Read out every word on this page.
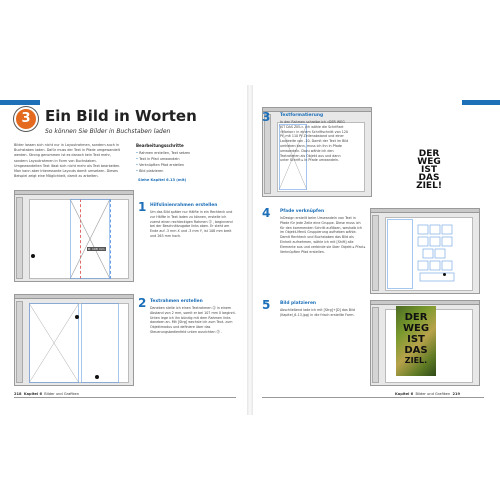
3 Ein Bild in Worten
So können Sie Bilder in Buchstaben laden
Bilder lassen sich nicht nur in Layoutrahmen, sondern auch in Buchstaben laden. Dafür muss der Text in Pfade umgewandelt werden. Strong genommen ist es danach kein Text mehr, sondern Layoutrahmen in Form von Buchstaben. Umgewandelten Text lässt sich nicht mehr als Text bearbeiten. Man kann aber interessante Layouts damit umsetzen. Dieses Beispiel zeigt eine Möglichkeit, damit zu arbeiten.
Bearbeitungsschritte
• Rahmen erstellen, Text setzen
• Text in Pfad umwandeln
• Verknüpften Pfad erstellen
• Bild platzieren
Siehe Kapitel 6.13 (mit)
B: 108 mm
1 Hilfslinienrahmen erstellen
Um das Bild später nur Hälfte in ein Rechteck und zur Hälfte in Text laden zu können, erstelle ich zuerst einen rechteckigen Rahmen ⓵ , beginnend bei der Beschnittzugabe links oben. Er steht am Ende auf -3 mm X und -3 mm Y, ist 108 mm breit und 263 mm hoch.
2 Textrahmen erstellen
Daneben stelle ich einen Textrahmen ⓶ in einem Abstand von 2 mm, somit er bei 107 mm X beginnt. Unten lege ich ihn bündig mit dem Rahmen links daneben an. Mit [Strg] wechsle ich zum Text- zum Objektmodus und definiere über das Steuerungsbedienfeld unten ausrichten ⓷ .
218 Kapitel 6 Bilder und Grafiken
DER
WEG
IST
DAS
ZIEL!
3	Textformatierung
In den Rahmen schreibe ich »DER WEG IST DAS ZIEL«. Ich wähle die Schriftart »Marion« in einem Schriftschnitt von 120 Pt, mit 110 Pt Zeilenabstand und einer Laufweite von -10. Damit der Text im Bild umheben kann, muss ich ihn in Pfade umwandeln. Dazu wähle ich den Textrahmen als Objekt aus und dann unter Schrift ▸ In Pfade umwandeln.
4	Pfade verknüpfen
InDesign erstellt beim Umwandeln von Text in Pfade für jede Zeile eine Gruppe. Diese muss ich für den kommenden Schritt auflösen, weshalb ich im Objekt-Menü Gruppierung aufheben wähle. Damit Rechteck und Buchstaben das Bild als Einheit aufnehmen, wähle ich mit [Shift] alle Elemente aus und verbinde sie über Objekt ▸ Pfad ▸ Verknüpften Pfad erstellen.
DER
WEG
IST
DAS
ZIEL.
5	Bild platzieren
Abschließend lade ich mit [Strg]+[D] das Bild (Kapitel_6-13.jpg) in die frisch erstellte Form.
Kapitel 6 Bilder und Grafiken 219
